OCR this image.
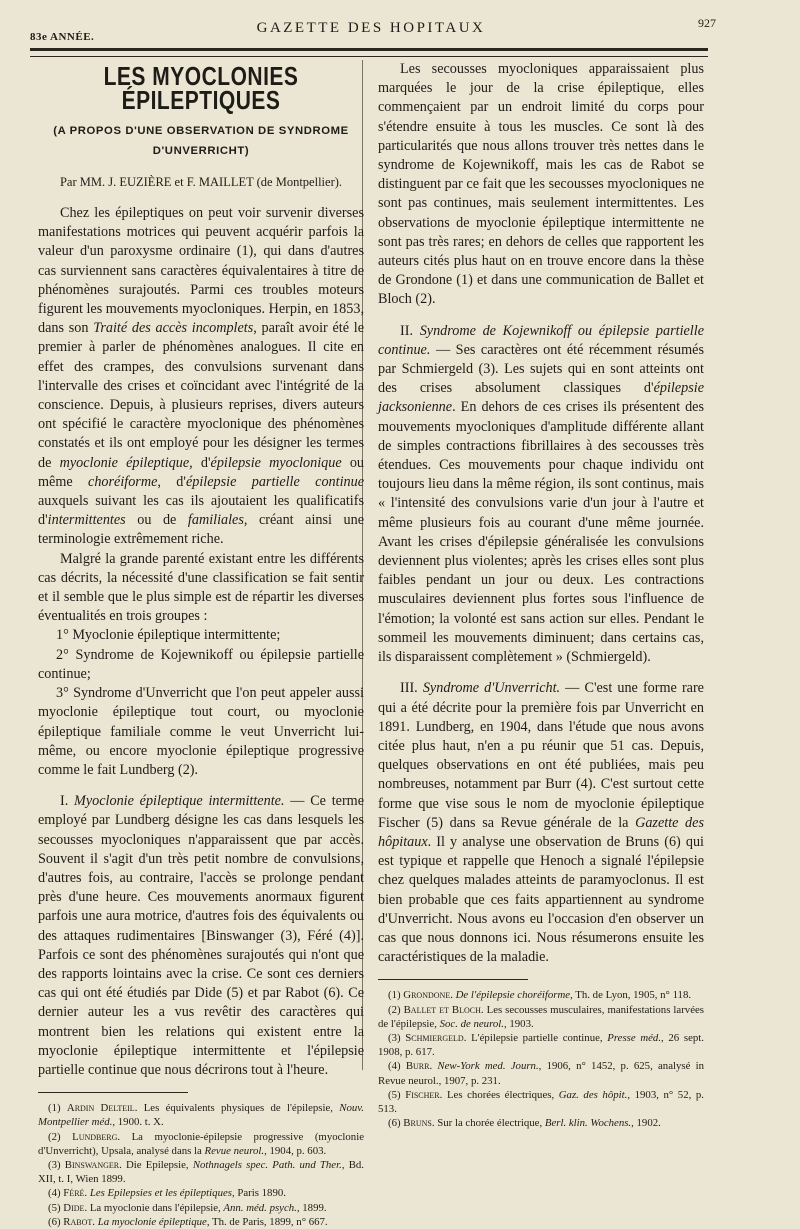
83e ANNÉE.
GAZETTE DES HOPITAUX	927

LES MYOCLONIES ÉPILEPTIQUES

(A PROPOS D'UNE OBSERVATION DE SYNDROME D'UNVERRICHT)

Par MM. J. EUZIÈRE et F. MAILLET (de Montpellier).

Chez les épileptiques on peut voir survenir diverses manifestations motrices qui peuvent acquérir parfois la valeur d'un paroxysme ordinaire (1), qui dans d'autres cas surviennent sans caractères équivalentaires à titre de phénomènes surajoutés. Parmi ces troubles moteurs figurent les mouvements myocloniques. Herpin, en 1853, dans son Traité des accès incomplets, paraît avoir été le premier à parler de phénomènes analogues. Il cite en effet des crampes, des convulsions survenant dans l'intervalle des crises et coïncidant avec l'intégrité de la conscience. Depuis, à plusieurs reprises, divers auteurs ont spécifié le caractère myoclonique des phénomènes constatés et ils ont employé pour les désigner les termes de myoclonie épileptique, d'épilepsie myoclonique ou même choréiforme, d'épilepsie partielle continue auxquels suivant les cas ils ajoutaient les qualificatifs d'intermittentes ou de familiales, créant ainsi une terminologie extrêmement riche.

Malgré la grande parenté existant entre les différents cas décrits, la nécessité d'une classification se fait sentir et il semble que le plus simple est de répartir les diverses éventualités en trois groupes :

1° Myoclonie épileptique intermittente;

2° Syndrome de Kojewnikoff ou épilepsie partielle continue;

3° Syndrome d'Unverricht que l'on peut appeler aussi myoclonie épileptique tout court, ou myoclonie épileptique familiale comme le veut Unverricht lui-même, ou encore myoclonie épileptique progressive comme le fait Lundberg (2).

I. Myoclonie épileptique intermittente. — Ce terme employé par Lundberg désigne les cas dans lesquels les secousses myocloniques n'apparaissent que par accès. Souvent il s'agit d'un très petit nombre de convulsions, d'autres fois, au contraire, l'accès se prolonge pendant près d'une heure. Ces mouvements anormaux figurent parfois une aura motrice, d'autres fois des équivalents ou des attaques rudimentaires [Binswanger (3), Féré (4)]. Parfois ce sont des phénomènes surajoutés qui n'ont que des rapports lointains avec la crise. Ce sont ces derniers cas qui ont été étudiés par Dide (5) et par Rabot (6). Ce dernier auteur les a vus revêtir des caractères qui montrent bien les relations qui existent entre la myoclonie épileptique intermittente et l'épilepsie partielle continue que nous décrirons tout à l'heure.

(1) Ardin Delteil. Les équivalents physiques de l'épilepsie, Nouv. Montpellier méd., 1900. t. X.

(2) Lundberg. La myoclonie-épilepsie progressive (myoclonie d'Unverricht), Upsala, analysé dans la Revue neurol., 1904, p. 603.

(3) Binswanger. Die Epilepsie, Nothnagels spec. Path. und Ther., Bd. XII, t. I, Wien 1899.

(4) Féré. Les Epilepsies et les épileptiques, Paris 1890.

(5) Dide. La myoclonie dans l'épilepsie, Ann. méd. psych., 1899.

(6) Rabot. La myoclonie épileptique, Th. de Paris, 1899, n° 667.

Les secousses myocloniques apparaissaient plus marquées le jour de la crise épileptique, elles commençaient par un endroit limité du corps pour s'étendre ensuite à tous les muscles. Ce sont là des particularités que nous allons trouver très nettes dans le syndrome de Kojewnikoff, mais les cas de Rabot se distinguent par ce fait que les secousses myocloniques ne sont pas continues, mais seulement intermittentes. Les observations de myoclonie épileptique intermittente ne sont pas très rares; en dehors de celles que rapportent les auteurs cités plus haut on en trouve encore dans la thèse de Grondone (1) et dans une communication de Ballet et Bloch (2).

II. Syndrome de Kojewnikoff ou épilepsie partielle continue. — Ses caractères ont été récemment résumés par Schmiergeld (3). Les sujets qui en sont atteints ont des crises absolument classiques d'épilepsie jacksonienne. En dehors de ces crises ils présentent des mouvements myocloniques d'amplitude différente allant de simples contractions fibrillaires à des secousses très étendues. Ces mouvements pour chaque individu ont toujours lieu dans la même région, ils sont continus, mais « l'intensité des convulsions varie d'un jour à l'autre et même plusieurs fois au courant d'une même journée. Avant les crises d'épilepsie généralisée les convulsions deviennent plus violentes; après les crises elles sont plus faibles pendant un jour ou deux. Les contractions musculaires deviennent plus fortes sous l'influence de l'émotion; la volonté est sans action sur elles. Pendant le sommeil les mouvements diminuent; dans certains cas, ils disparaissent complètement » (Schmiergeld).

III. Syndrome d'Unverricht. — C'est une forme rare qui a été décrite pour la première fois par Unverricht en 1891. Lundberg, en 1904, dans l'étude que nous avons citée plus haut, n'en a pu réunir que 51 cas. Depuis, quelques observations en ont été publiées, mais peu nombreuses, notamment par Burr (4). C'est surtout cette forme que vise sous le nom de myoclonie épileptique Fischer (5) dans sa Revue générale de la Gazette des hôpitaux. Il y analyse une observation de Bruns (6) qui est typique et rappelle que Henoch a signalé l'épilepsie chez quelques malades atteints de paramyoclonus. Il est bien probable que ces faits appartiennent au syndrome d'Unverricht. Nous avons eu l'occasion d'en observer un cas que nous donnons ici. Nous résumerons ensuite les caractéristiques de la maladie.

(1) Grondone. De l'épilepsie choréiforme, Th. de Lyon, 1905, n° 118.

(2) Ballet et Bloch. Les secousses musculaires, manifestations larvées de l'épilepsie, Soc. de neurol., 1903.

(3) Schmiergeld. L'épilepsie partielle continue, Presse méd., 26 sept. 1908, p. 617.

(4) Burr. New-York med. Journ., 1906, n° 1452, p. 625, analysé in Revue neurol., 1907, p. 231.

(5) Fischer. Les chorées électriques, Gaz. des hôpit., 1903, n° 52, p. 513.

(6) Bruns. Sur la chorée électrique, Berl. klin. Wochens., 1902.
